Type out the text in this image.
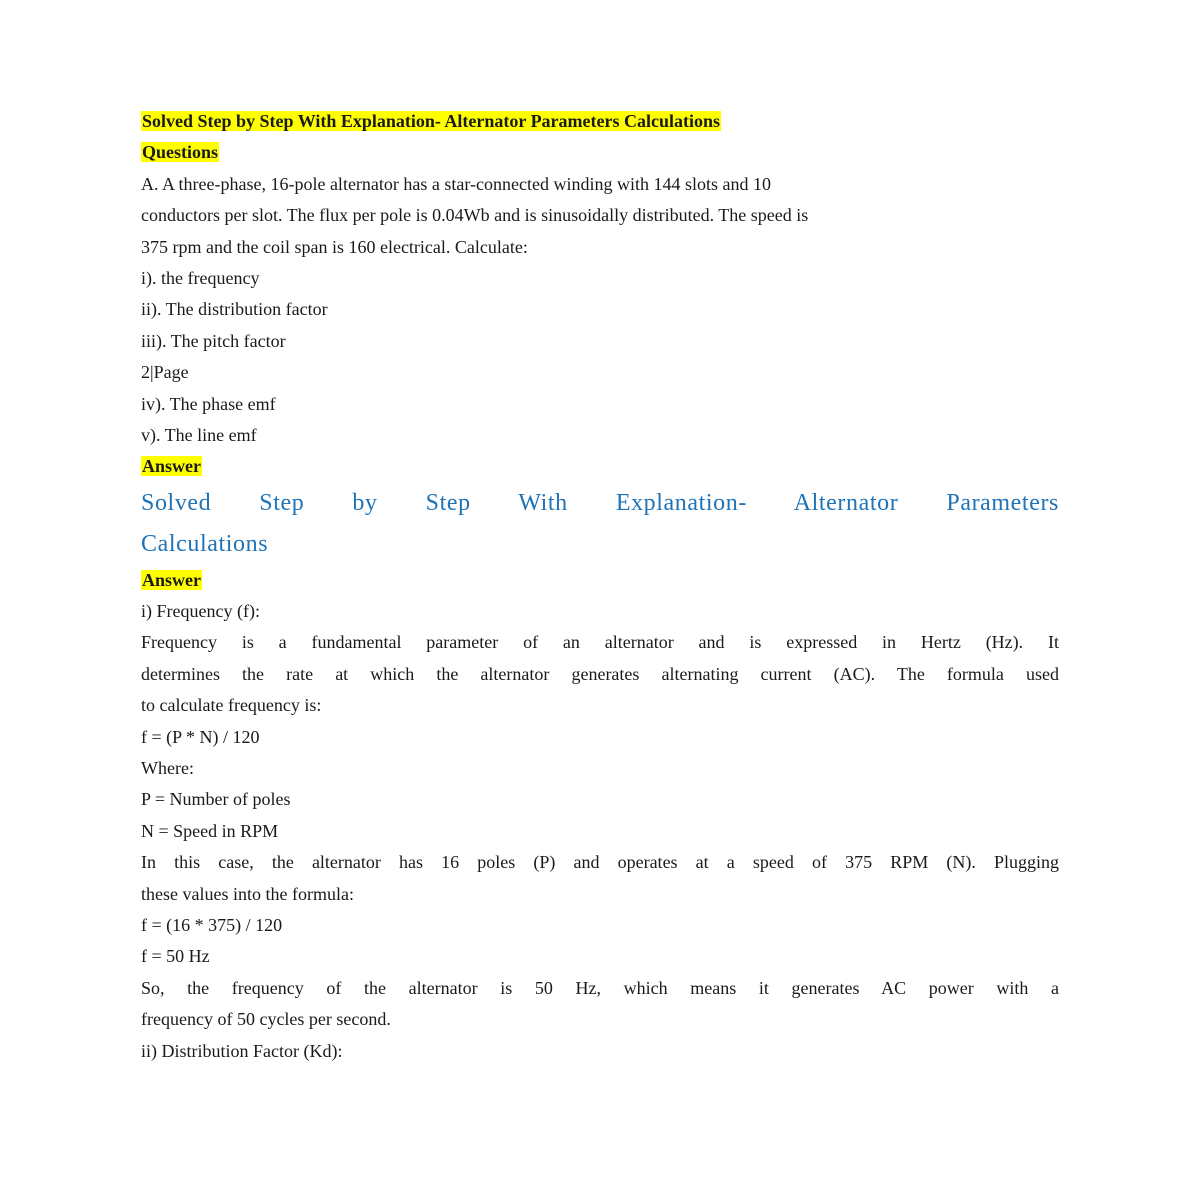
Solved Step by Step With Explanation- Alternator Parameters Calculations
Questions
A. A three-phase, 16-pole alternator has a star-connected winding with 144 slots and 10
conductors per slot. The flux per pole is 0.04Wb and is sinusoidally distributed. The speed is
375 rpm and the coil span is 160 electrical. Calculate:
i). the frequency
ii). The distribution factor
iii). The pitch factor
2|Page
iv). The phase emf
v). The line emf
Answer
Solved Step by Step With Explanation- Alternator Parameters
Calculations
Answer
i) Frequency (f):
Frequency is a fundamental parameter of an alternator and is expressed in Hertz (Hz). It
determines the rate at which the alternator generates alternating current (AC). The formula used
to calculate frequency is:
f = (P * N) / 120
Where:
P = Number of poles
N = Speed in RPM
In this case, the alternator has 16 poles (P) and operates at a speed of 375 RPM (N). Plugging
these values into the formula:
f = (16 * 375) / 120
f = 50 Hz
So, the frequency of the alternator is 50 Hz, which means it generates AC power with a
frequency of 50 cycles per second.
ii) Distribution Factor (Kd):
